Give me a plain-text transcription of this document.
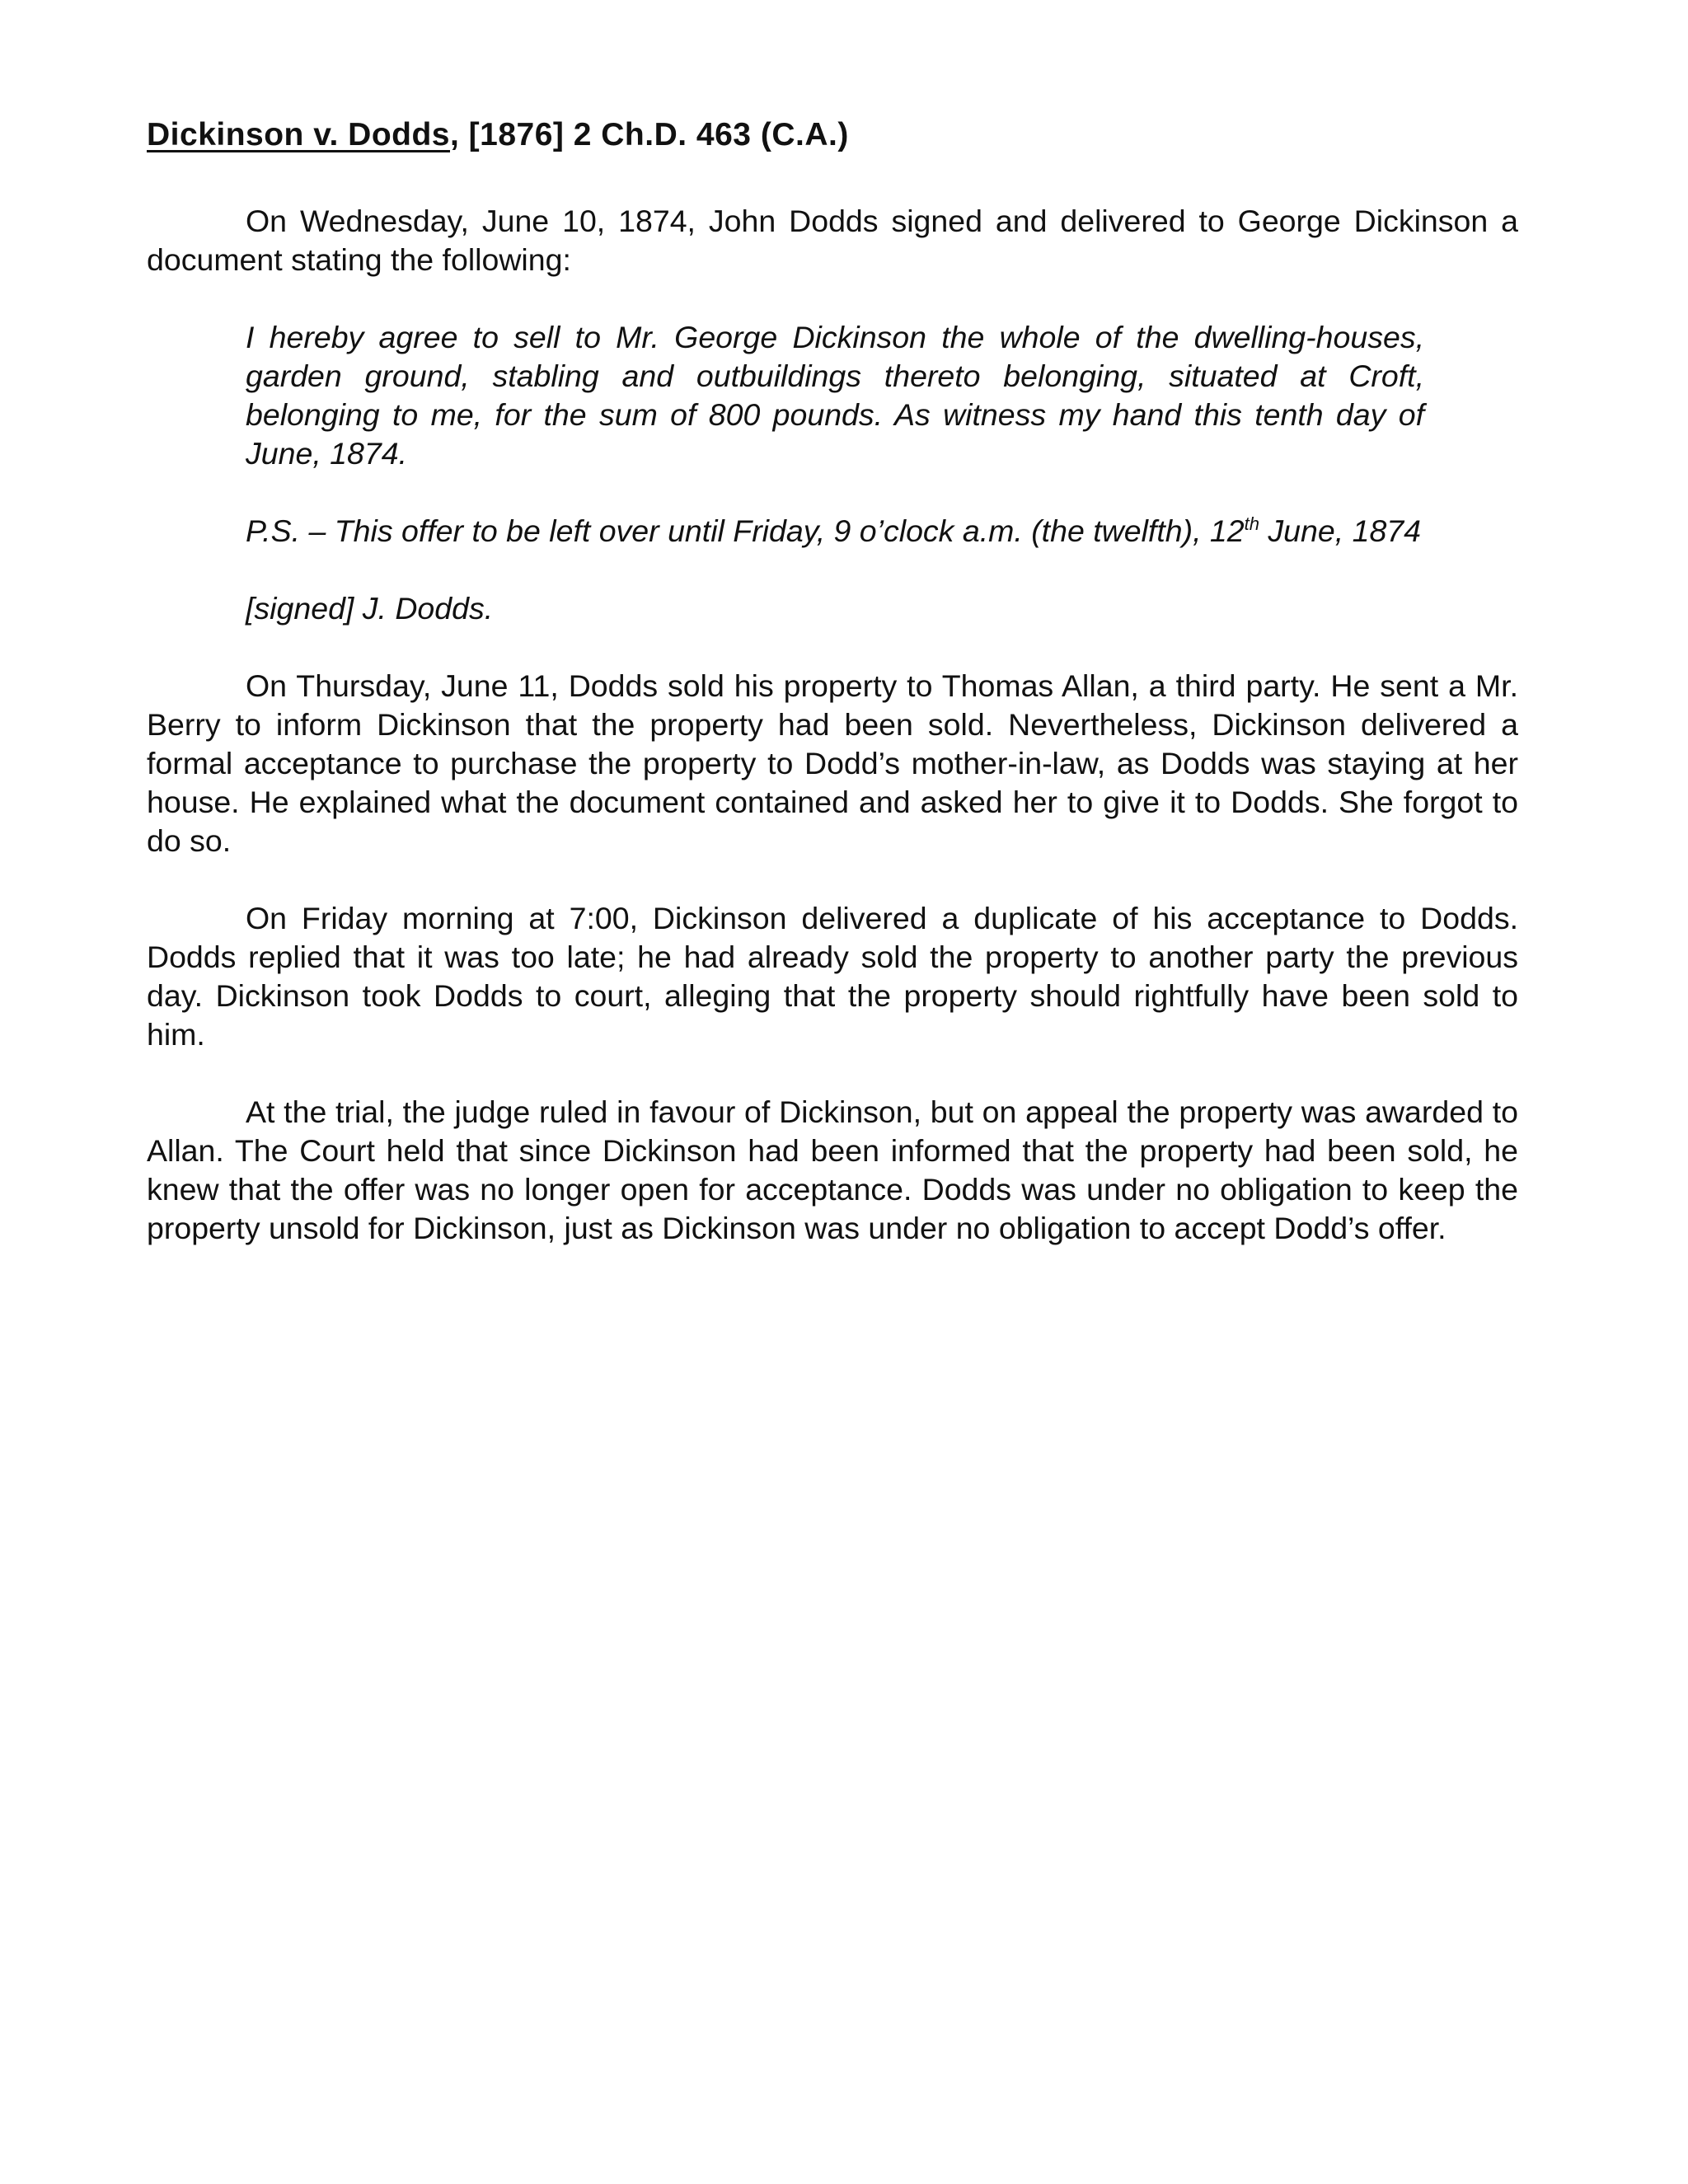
Dickinson v. Dodds, [1876] 2 Ch.D. 463 (C.A.)

On Wednesday, June 10, 1874, John Dodds signed and delivered to George Dickinson a document stating the following:

I hereby agree to sell to Mr. George Dickinson the whole of the dwelling-houses, garden ground, stabling and outbuildings thereto belonging, situated at Croft, belonging to me, for the sum of 800 pounds. As witness my hand this tenth day of June, 1874.

P.S. – This offer to be left over until Friday, 9 o’clock a.m. (the twelfth), 12th June, 1874

[signed] J. Dodds.

On Thursday, June 11, Dodds sold his property to Thomas Allan, a third party. He sent a Mr. Berry to inform Dickinson that the property had been sold. Nevertheless, Dickinson delivered a formal acceptance to purchase the property to Dodd’s mother-in-law, as Dodds was staying at her house. He explained what the document contained and asked her to give it to Dodds. She forgot to do so.

On Friday morning at 7:00, Dickinson delivered a duplicate of his acceptance to Dodds. Dodds replied that it was too late; he had already sold the property to another party the previous day. Dickinson took Dodds to court, alleging that the property should rightfully have been sold to him.

At the trial, the judge ruled in favour of Dickinson, but on appeal the property was awarded to Allan. The Court held that since Dickinson had been informed that the property had been sold, he knew that the offer was no longer open for acceptance. Dodds was under no obligation to keep the property unsold for Dickinson, just as Dickinson was under no obligation to accept Dodd’s offer.
